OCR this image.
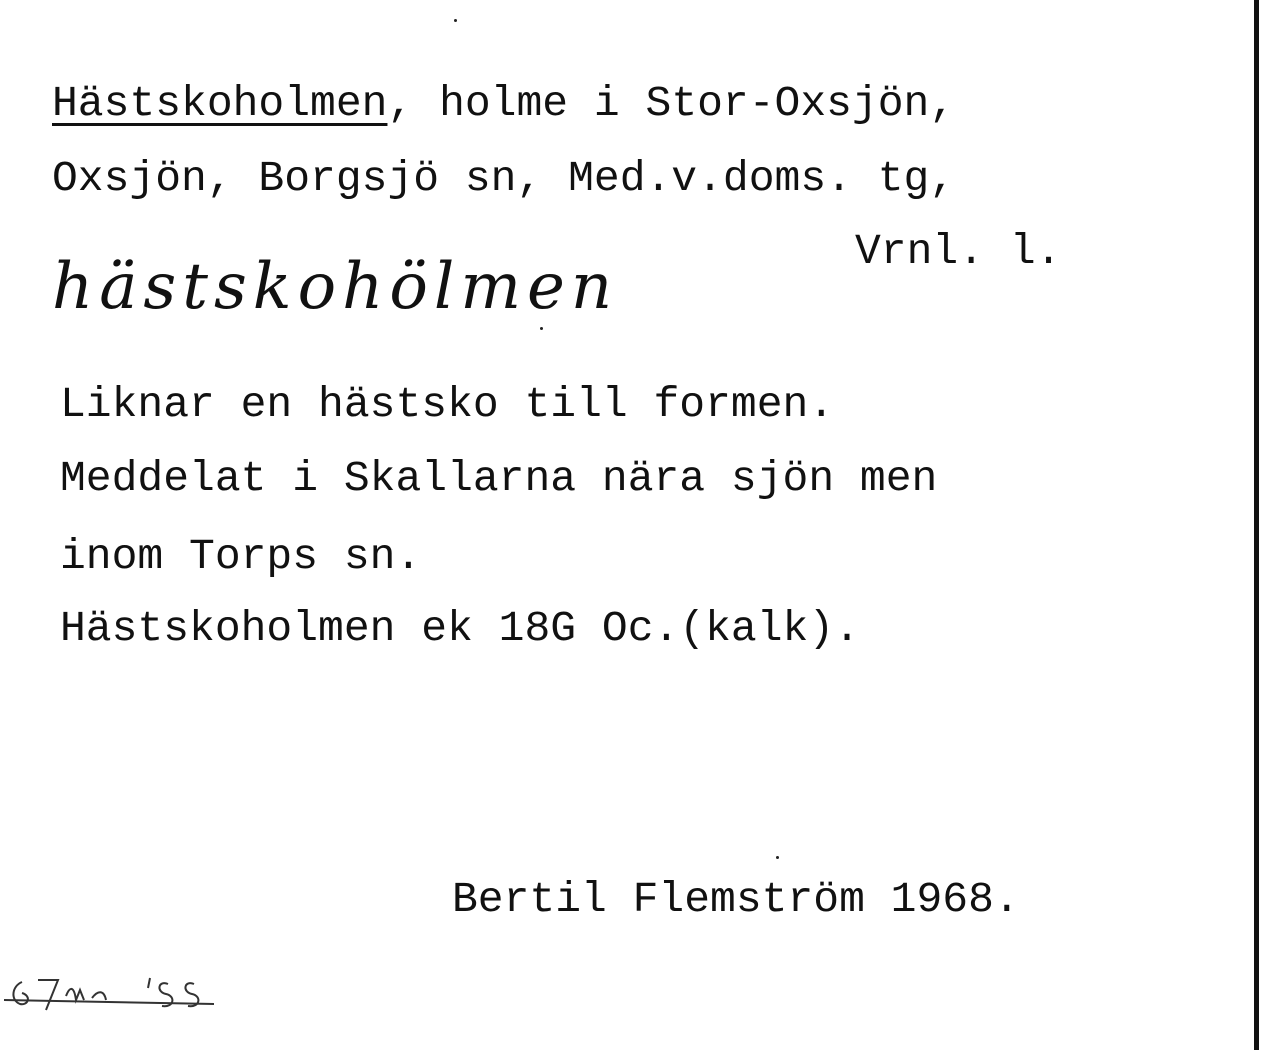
Hästskoholmen, holme i Stor-Oxsjön,
Oxsjön, Borgsjö sn, Med.v.doms. tg,
Vrnl. l.
hästskohölmen
Liknar en hästsko till formen.
Meddelat i Skallarna nära sjön men
inom Torps sn.
Hästskoholmen ek 18G Oc.(kalk).
Bertil Flemström 1968.
